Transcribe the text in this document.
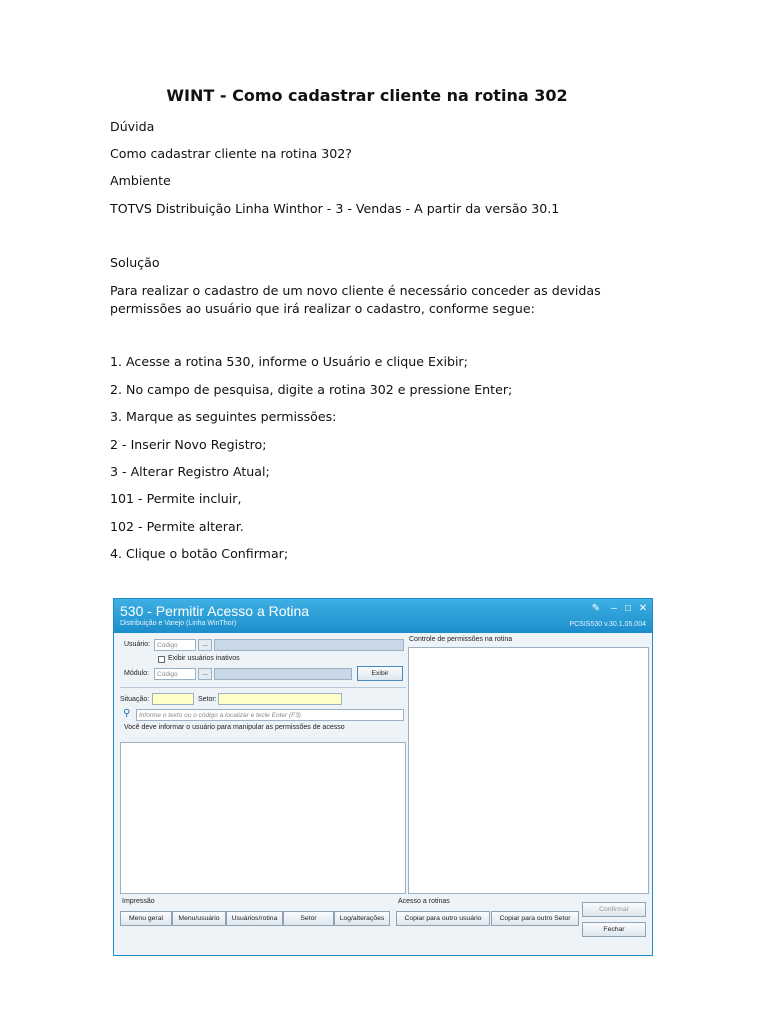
WINT - Como cadastrar cliente na rotina 302
Dúvida
Como cadastrar cliente na rotina 302?
Ambiente
TOTVS Distribuição Linha Winthor - 3 - Vendas - A partir da versão 30.1
Solução
Para realizar o cadastro de um novo cliente é necessário conceder as devidas permissões ao usuário que irá realizar o cadastro, conforme segue:
1. Acesse a rotina 530, informe o Usuário e clique Exibir;
2. No campo de pesquisa, digite a rotina 302 e pressione Enter;
3. Marque as seguintes permissões:
2 - Inserir Novo Registro;
3 - Alterar Registro Atual;
101 - Permite incluir,
102 - Permite alterar.
4. Clique o botão Confirmar;
530 - Permitir Acesso a Rotina
Distribuição e Varejo (Linha WinThor)	PCSIS530 v.30.1.05.004
✎	– □ ✕
Usuário:	Código	...
Exibir usuários inativos
Módulo:	Código	...	Exibir
Situação:	Setor:
⚲	Informe o texto ou o código a localizar e tecle Enter (F3)
Você deve informar o usuário para manipular as permissões de acesso
Controle de permissões na rotina
Impressão
Menu geral	Menu/usuário	Usuários/rotina	Setor	Log/alterações
Acesso a rotinas
Copiar para outro usuário	Copiar para outro Setor
Confirmar
Fechar
